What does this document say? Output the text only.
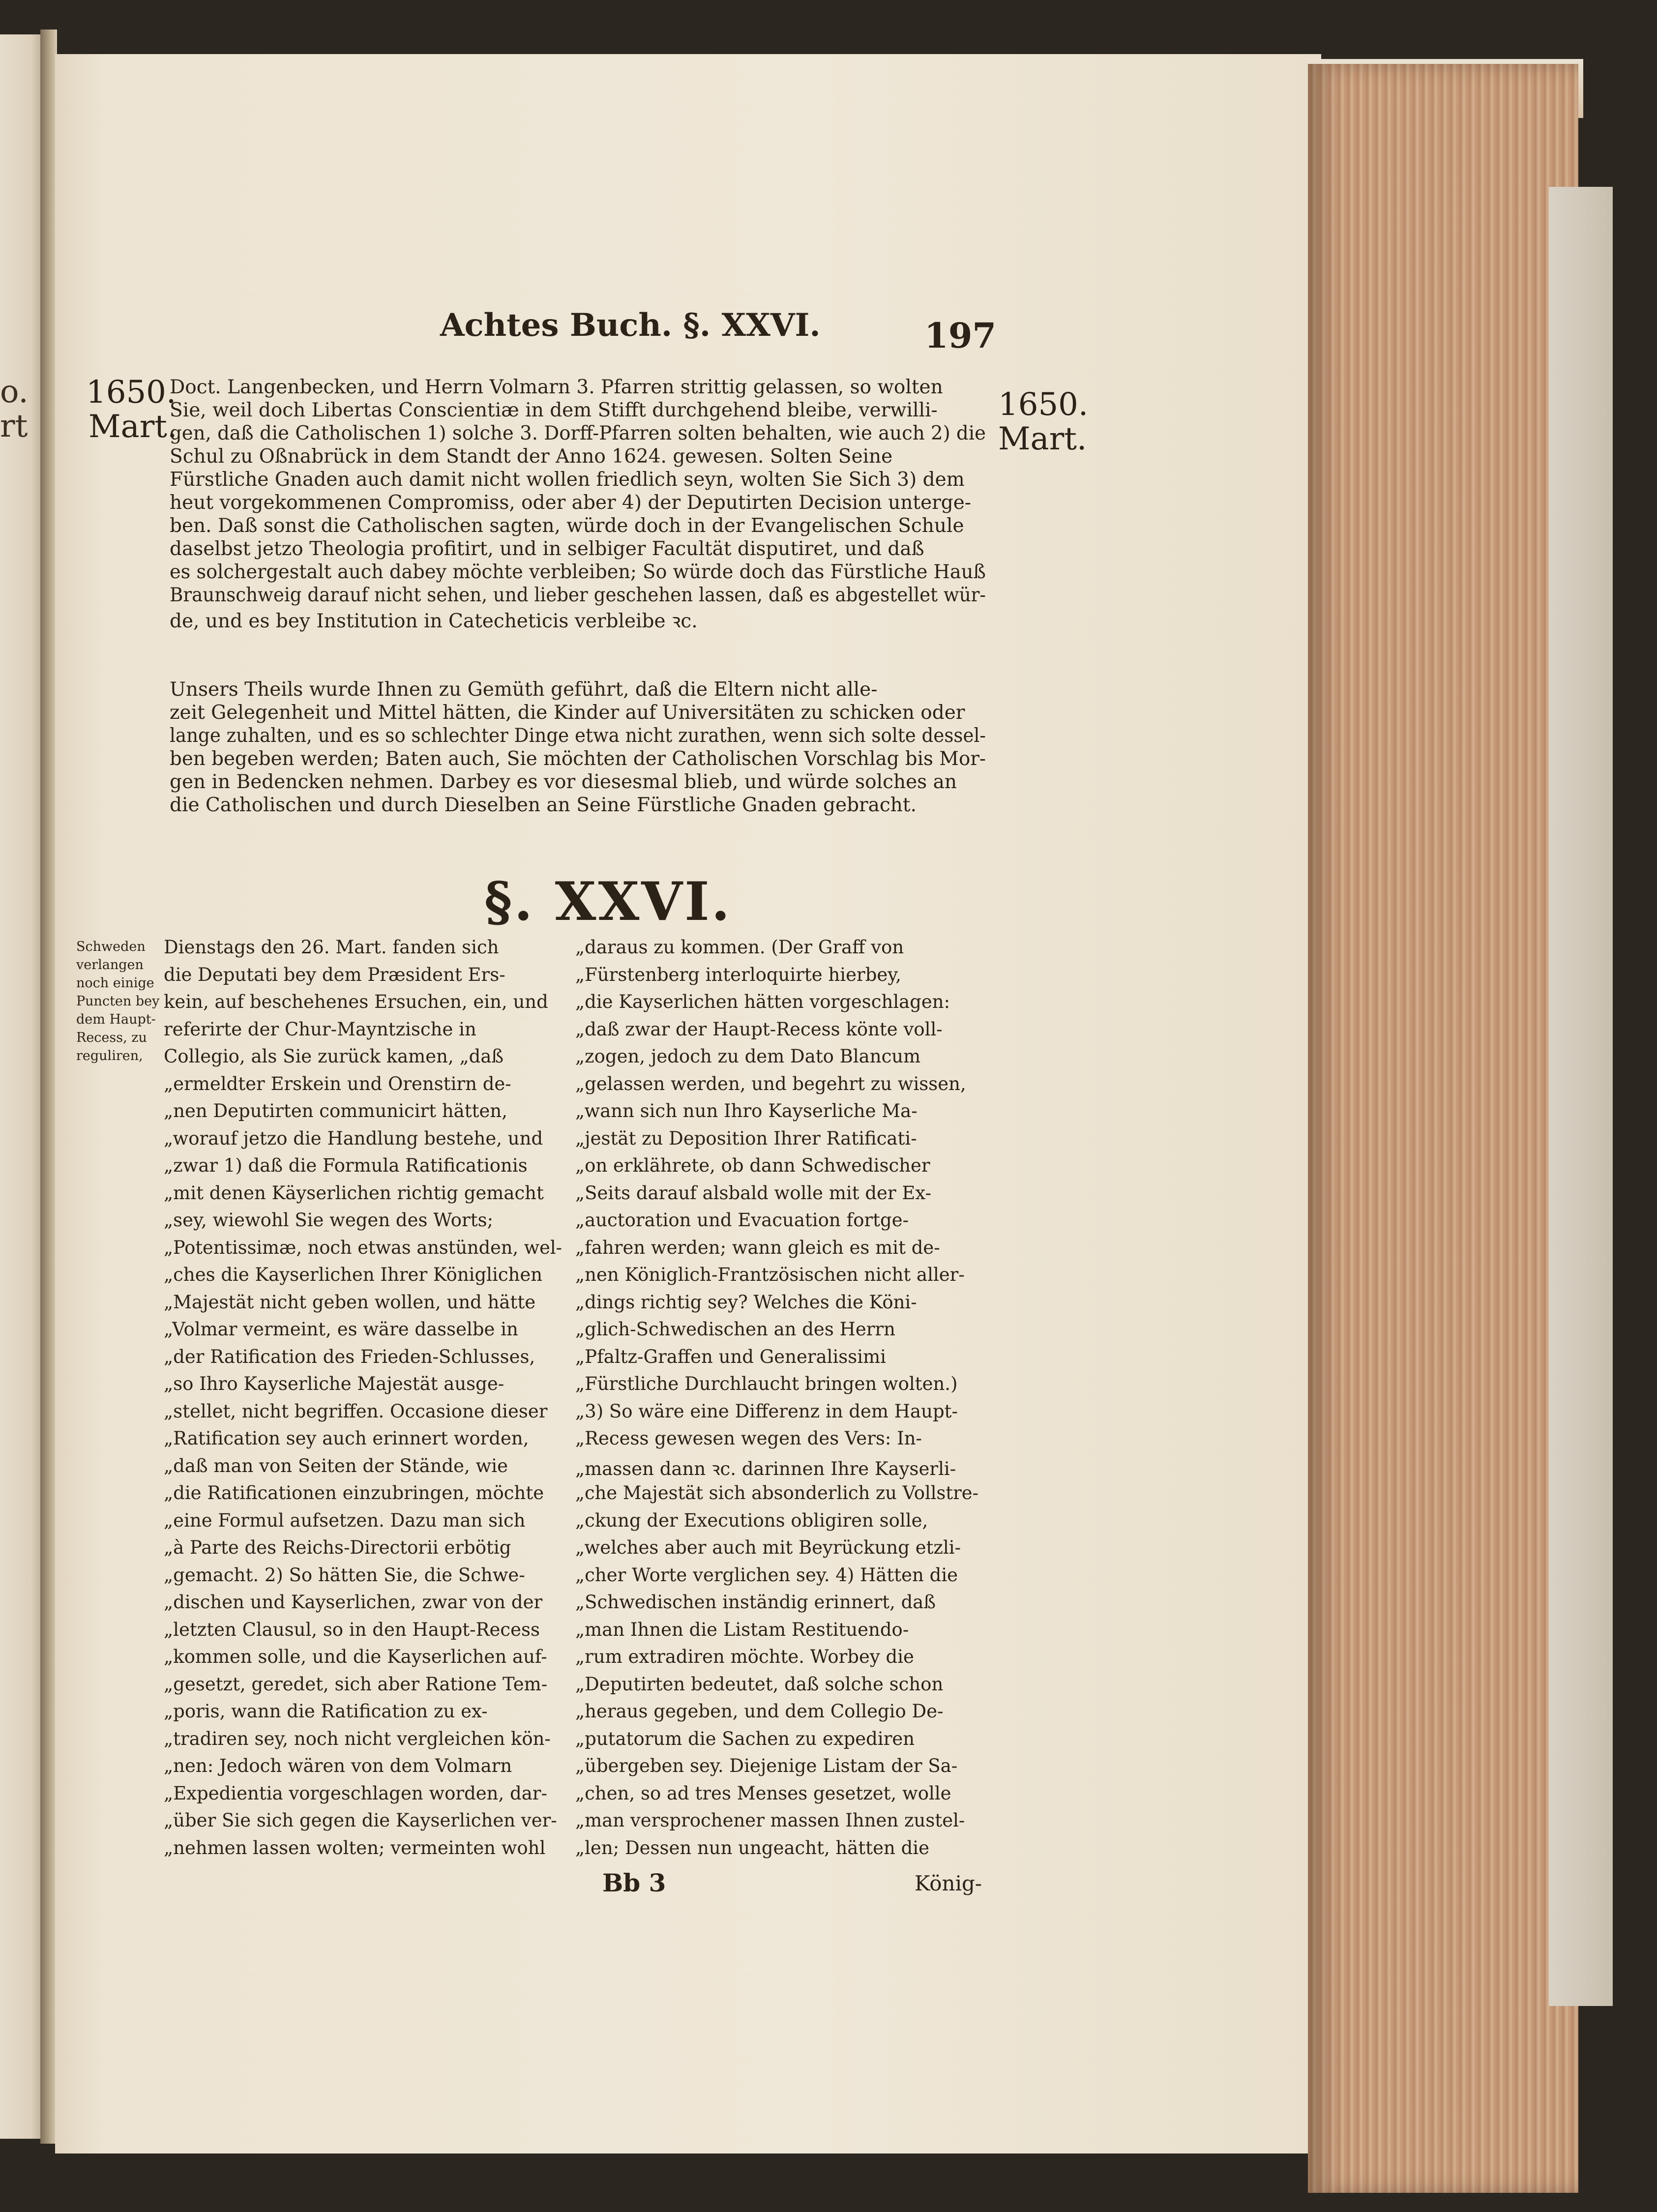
o.
rt
Achtes Buch. §. XXVI.	197
1650.
Mart.
1650.
Mart.
Doct. Langenbecken, und Herrn Volmarn 3. Pfarren strittig gelassen, so wolten
Sie, weil doch Libertas Conscientiæ in dem Stifft durchgehend bleibe, verwilli-
gen, daß die Catholischen 1) solche 3. Dorff-Pfarren solten behalten, wie auch 2) die
Schul zu Oßnabrück in dem Standt der Anno 1624. gewesen. Solten Seine
Fürstliche Gnaden auch damit nicht wollen friedlich seyn, wolten Sie Sich 3) dem
heut vorgekommenen Compromiss, oder aber 4) der Deputirten Decision unterge-
ben. Daß sonst die Catholischen sagten, würde doch in der Evangelischen Schule
daselbst jetzo Theologia profitirt, und in selbiger Facultät disputiret, und daß
es solchergestalt auch dabey möchte verbleiben; So würde doch das Fürstliche Hauß
Braunschweig darauf nicht sehen, und lieber geschehen lassen, daß es abgestellet wür-
de, und es bey Institution in Catecheticis verbleibe ꝛc.
Unsers Theils wurde Ihnen zu Gemüth geführt, daß die Eltern nicht alle-
zeit Gelegenheit und Mittel hätten, die Kinder auf Universitäten zu schicken oder
lange zuhalten, und es so schlechter Dinge etwa nicht zurathen, wenn sich solte dessel-
ben begeben werden; Baten auch, Sie möchten der Catholischen Vorschlag bis Mor-
gen in Bedencken nehmen. Darbey es vor diesesmal blieb, und würde solches an
die Catholischen und durch Dieselben an Seine Fürstliche Gnaden gebracht.
§. XXVI.
Schweden
verlangen
noch einige
Puncten bey
dem Haupt-
Recess, zu
reguliren,
Dienstags den 26. Mart. fanden sich
die Deputati bey dem Præsident Ers-
kein, auf beschehenes Ersuchen, ein, und
referirte der Chur-Mayntzische in
Collegio, als Sie zurück kamen, „daß
„ermeldter Erskein und Orenstirn de-
„nen Deputirten communicirt hätten,
„worauf jetzo die Handlung bestehe, und
„zwar 1) daß die Formula Ratificationis
„mit denen Käyserlichen richtig gemacht
„sey, wiewohl Sie wegen des Worts;
„Potentissimæ, noch etwas anstünden, wel-
„ches die Kayserlichen Ihrer Königlichen
„Majestät nicht geben wollen, und hätte
„Volmar vermeint, es wäre dasselbe in
„der Ratification des Frieden-Schlusses,
„so Ihro Kayserliche Majestät ausge-
„stellet, nicht begriffen. Occasione dieser
„Ratification sey auch erinnert worden,
„daß man von Seiten der Stände, wie
„die Ratificationen einzubringen, möchte
„eine Formul aufsetzen. Dazu man sich
„à Parte des Reichs-Directorii erbötig
„gemacht. 2) So hätten Sie, die Schwe-
„dischen und Kayserlichen, zwar von der
„letzten Clausul, so in den Haupt-Recess
„kommen solle, und die Kayserlichen auf-
„gesetzt, geredet, sich aber Ratione Tem-
„poris, wann die Ratification zu ex-
„tradiren sey, noch nicht vergleichen kön-
„nen: Jedoch wären von dem Volmarn
„Expedientia vorgeschlagen worden, dar-
„über Sie sich gegen die Kayserlichen ver-
„nehmen lassen wolten; vermeinten wohl
„daraus zu kommen. (Der Graff von
„Fürstenberg interloquirte hierbey,
„die Kayserlichen hätten vorgeschlagen:
„daß zwar der Haupt-Recess könte voll-
„zogen, jedoch zu dem Dato Blancum
„gelassen werden, und begehrt zu wissen,
„wann sich nun Ihro Kayserliche Ma-
„jestät zu Deposition Ihrer Ratificati-
„on erklährete, ob dann Schwedischer
„Seits darauf alsbald wolle mit der Ex-
„auctoration und Evacuation fortge-
„fahren werden; wann gleich es mit de-
„nen Königlich-Frantzösischen nicht aller-
„dings richtig sey? Welches die Köni-
„glich-Schwedischen an des Herrn
„Pfaltz-Graffen und Generalissimi
„Fürstliche Durchlaucht bringen wolten.)
„3) So wäre eine Differenz in dem Haupt-
„Recess gewesen wegen des Vers: In-
„massen dann ꝛc. darinnen Ihre Kayserli-
„che Majestät sich absonderlich zu Vollstre-
„ckung der Executions obligiren solle,
„welches aber auch mit Beyrückung etzli-
„cher Worte verglichen sey. 4) Hätten die
„Schwedischen inständig erinnert, daß
„man Ihnen die Listam Restituendo-
„rum extradiren möchte. Worbey die
„Deputirten bedeutet, daß solche schon
„heraus gegeben, und dem Collegio De-
„putatorum die Sachen zu expediren
„übergeben sey. Diejenige Listam der Sa-
„chen, so ad tres Menses gesetzet, wolle
„man versprochener massen Ihnen zustel-
„len; Dessen nun ungeacht, hätten die
Bb 3	König-
